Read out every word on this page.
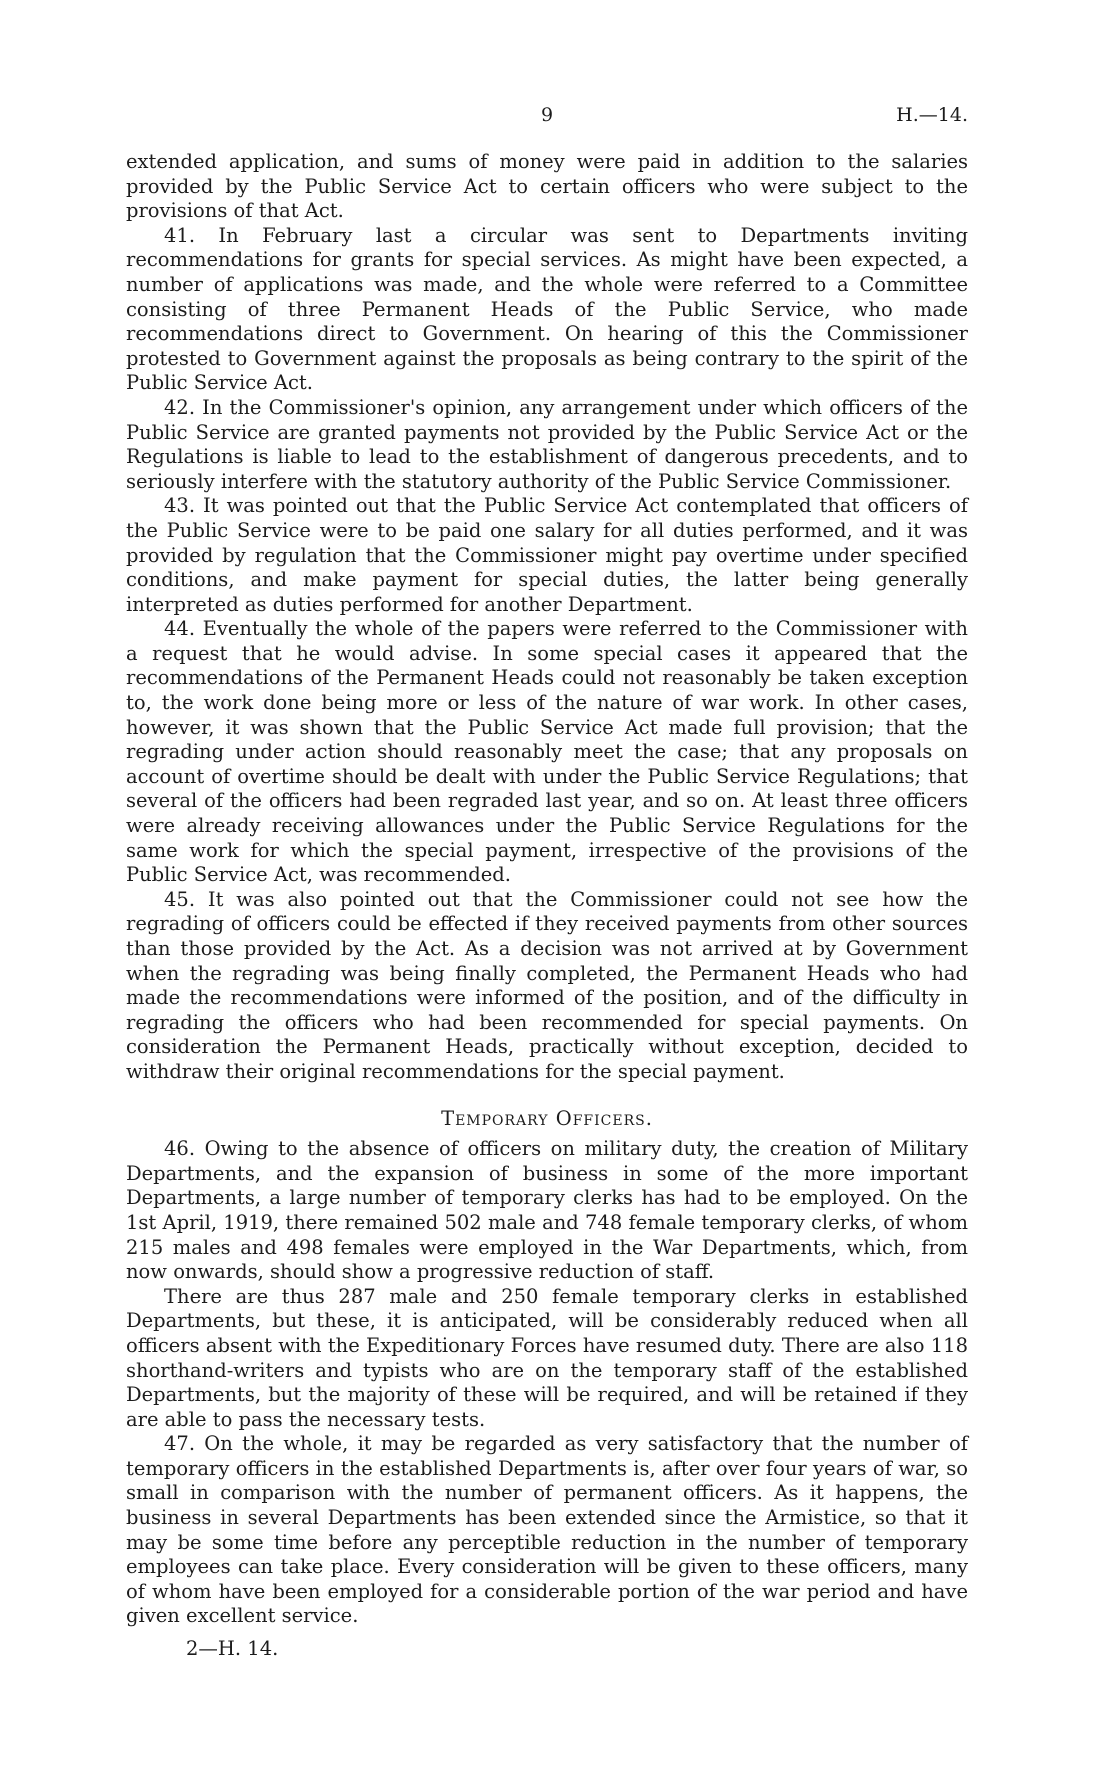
9	H.—14.

extended application, and sums of money were paid in addition to the salaries provided by the Public Service Act to certain officers who were subject to the provisions of that Act.

41. In February last a circular was sent to Departments inviting recommendations for grants for special services. As might have been expected, a number of applications was made, and the whole were referred to a Committee consisting of three Permanent Heads of the Public Service, who made recommendations direct to Government. On hearing of this the Commissioner protested to Government against the proposals as being contrary to the spirit of the Public Service Act.

42. In the Commissioner's opinion, any arrangement under which officers of the Public Service are granted payments not provided by the Public Service Act or the Regulations is liable to lead to the establishment of dangerous precedents, and to seriously interfere with the statutory authority of the Public Service Commissioner.

43. It was pointed out that the Public Service Act contemplated that officers of the Public Service were to be paid one salary for all duties performed, and it was provided by regulation that the Commissioner might pay overtime under specified conditions, and make payment for special duties, the latter being generally interpreted as duties performed for another Department.

44. Eventually the whole of the papers were referred to the Commissioner with a request that he would advise. In some special cases it appeared that the recommendations of the Permanent Heads could not reasonably be taken exception to, the work done being more or less of the nature of war work. In other cases, however, it was shown that the Public Service Act made full provision; that the regrading under action should reasonably meet the case; that any proposals on account of overtime should be dealt with under the Public Service Regulations; that several of the officers had been regraded last year, and so on. At least three officers were already receiving allowances under the Public Service Regulations for the same work for which the special payment, irrespective of the provisions of the Public Service Act, was recommended.

45. It was also pointed out that the Commissioner could not see how the regrading of officers could be effected if they received payments from other sources than those provided by the Act. As a decision was not arrived at by Government when the regrading was being finally completed, the Permanent Heads who had made the recommendations were informed of the position, and of the difficulty in regrading the officers who had been recommended for special payments. On consideration the Permanent Heads, practically without exception, decided to withdraw their original recommendations for the special payment.

Temporary Officers.

46. Owing to the absence of officers on military duty, the creation of Military Departments, and the expansion of business in some of the more important Departments, a large number of temporary clerks has had to be employed. On the 1st April, 1919, there remained 502 male and 748 female temporary clerks, of whom 215 males and 498 females were employed in the War Departments, which, from now onwards, should show a progressive reduction of staff.

There are thus 287 male and 250 female temporary clerks in established Departments, but these, it is anticipated, will be considerably reduced when all officers absent with the Expeditionary Forces have resumed duty. There are also 118 shorthand-writers and typists who are on the temporary staff of the established Departments, but the majority of these will be required, and will be retained if they are able to pass the necessary tests.

47. On the whole, it may be regarded as very satisfactory that the number of temporary officers in the established Departments is, after over four years of war, so small in comparison with the number of permanent officers. As it happens, the business in several Departments has been extended since the Armistice, so that it may be some time before any perceptible reduction in the number of temporary employees can take place. Every consideration will be given to these officers, many of whom have been employed for a considerable portion of the war period and have given excellent service.

2—H. 14.
